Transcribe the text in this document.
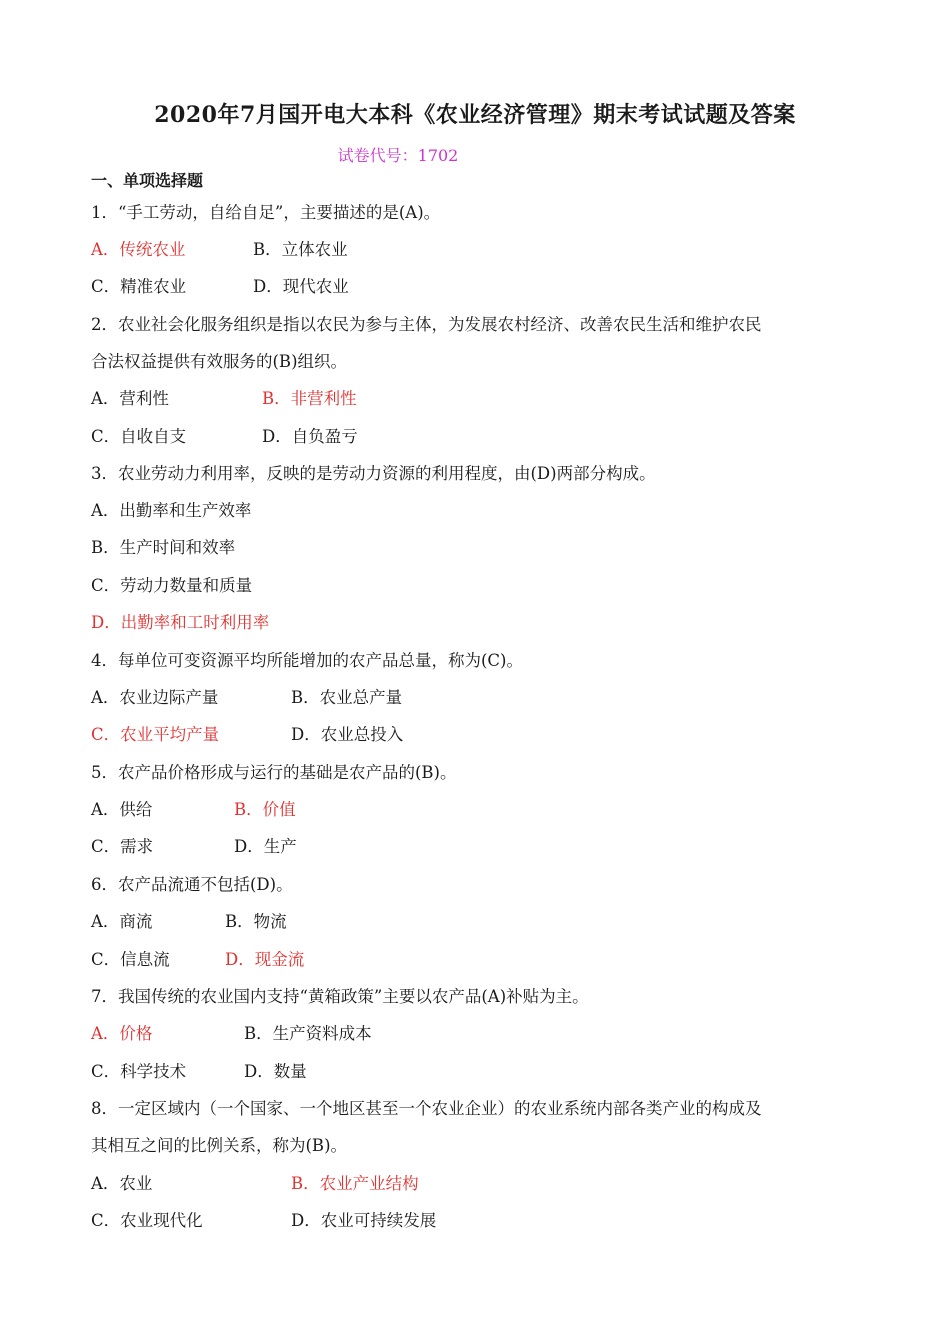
2020年7月国开电大本科《农业经济管理》期末考试试题及答案
试卷代号：1702
一、单项选择题
1．“手工劳动，自给自足”，主要描述的是(A)。
A．传统农业	B．立体农业
C．精准农业	D．现代农业
2．农业社会化服务组织是指以农民为参与主体，为发展农村经济、改善农民生活和维护农民
合法权益提供有效服务的(B)组织。
A．营利性	B．非营利性
C．自收自支	D．自负盈亏
3．农业劳动力利用率，反映的是劳动力资源的利用程度，由(D)两部分构成。
A．出勤率和生产效率
B．生产时间和效率
C．劳动力数量和质量
D．出勤率和工时利用率
4．每单位可变资源平均所能增加的农产品总量，称为(C)。
A．农业边际产量	B．农业总产量
C．农业平均产量	D．农业总投入
5．农产品价格形成与运行的基础是农产品的(B)。
A．供给	B．价值
C．需求	D．生产
6．农产品流通不包括(D)。
A．商流	B．物流
C．信息流	D．现金流
7．我国传统的农业国内支持“黄箱政策”主要以农产品(A)补贴为主。
A．价格	B．生产资料成本
C．科学技术	D．数量
8．一定区域内（一个国家、一个地区甚至一个农业企业）的农业系统内部各类产业的构成及
其相互之间的比例关系，称为(B)。
A．农业	B．农业产业结构
C．农业现代化	D．农业可持续发展
